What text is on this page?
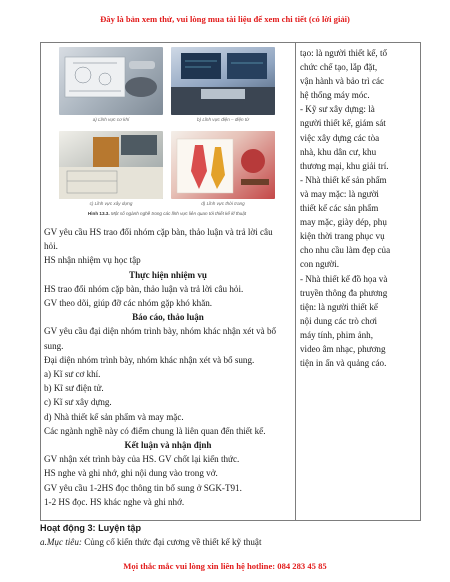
Đây là bản xem thử, vui lòng mua tài liệu để xem chi tiết (có lời giải)
a) Lĩnh vực cơ khí	b) Lĩnh vực điện – điện tử
c) Lĩnh vực xây dựng	d) Lĩnh vực thời trang
Hình 13.3. Một số ngành nghề trong các lĩnh vực liên quan tới thiết kế kĩ thuật
GV yêu cầu HS trao đổi nhóm cặp bàn, thảo luận và trả lời câu
hỏi.
HS nhận nhiệm vụ học tập
Thực hiện nhiệm vụ
HS trao đổi nhóm cặp bàn, thảo luận và trả lời câu hỏi.
GV theo dõi, giúp đỡ các nhóm gặp khó khăn.
Báo cáo, thảo luận
GV yêu cầu đại diện nhóm trình bày, nhóm khác nhận xét và bổ
sung.
Đại diện nhóm trình bày, nhóm khác nhận xét và bổ sung.
a) Kĩ sư cơ khí.
b) Kĩ sư điện tử.
c) Kĩ sư xây dựng.
d) Nhà thiết kế sản phẩm và may mặc.
Các ngành nghề này có điểm chung là liên quan đến thiết kế.
Kết luận và nhận định
GV nhận xét trình bày của HS. GV chốt lại kiến thức.
HS nghe và ghi nhớ, ghi nội dung vào trong vở.
GV yêu cầu 1-2HS đọc thông tin bổ sung ở SGK-T91.
1-2 HS đọc. HS khác nghe và ghi nhớ.
tạo: là người thiết kế, tổ
chức chế tạo, lắp đặt,
vận hành và bảo trì các
hệ thống máy móc.
- Kỹ sư xây dựng: là
người thiết kế, giám sát
việc xây dựng các tòa
nhà, khu dân cư, khu
thương mại, khu giải trí.
- Nhà thiết kế sản phẩm
và may mặc: là người
thiết kế các sản phẩm
may mặc, giày dép, phụ
kiện thời trang phục vụ
cho nhu cầu làm đẹp của
con người.
- Nhà thiết kế đồ họa và
truyền thông đa phương
tiện: là người thiết kế
nội dung các trò chơi
máy tính, phim ảnh,
video âm nhạc, phương
tiện in ấn và quảng cáo.
Hoạt động 3: Luyện tập
a.Mục tiêu: Củng cố kiến thức đại cương về thiết kế kỹ thuật
Mọi thắc mắc vui lòng xin liên hệ hotline: 084 283 45 85
